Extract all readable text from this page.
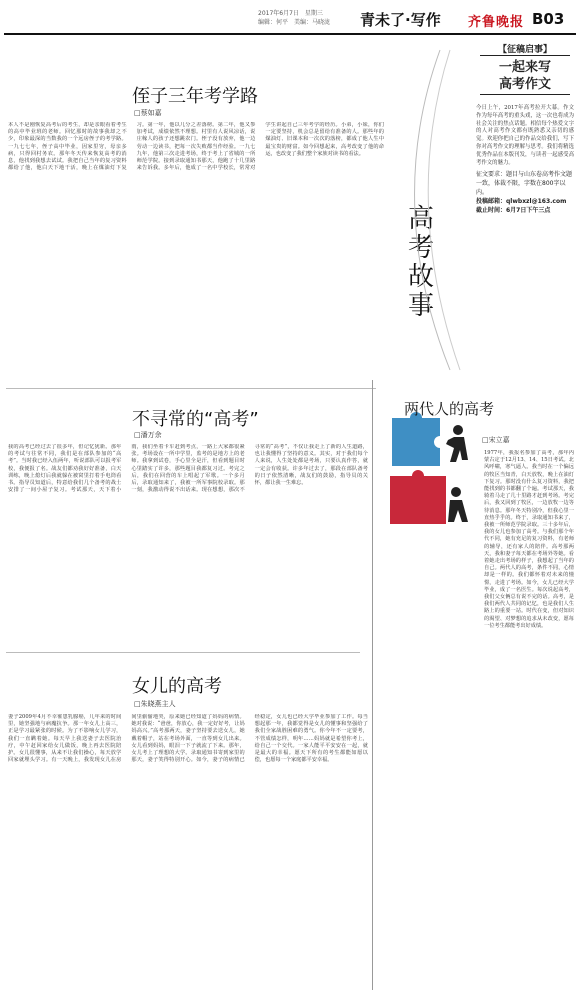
2017年6月7日　星期三
编辑：何平　美编：马晓泷 青未了·写作 齐鲁晚报 B03
侄子三年考学路
□蔡如嘉
本人不是刚恢复高考后的考生，却是亲眼看着考生的高中毕业班的老师。回忆那时的故事我却之不少，印象最深的当数我的一个远房侄子的考学路。一九七七年，侄子高中毕业，因家里穷，母亲多病，只得回村务农。那年冬天传来恢复高考的消息，他找到我想去试试。我把自己当年的复习资料都给了他，他白天下地干活，晚上在煤油灯下复习。第一年，他以几分之差落榜。第二年，他又参加考试，成绩依然不理想。村里有人说风凉话，说庄稼人的孩子还想跳农门。侄子没有放弃，他一边劳动一边读书，把每一次失败都当作经验。一九七九年，他第三次走进考场，终于考上了省城的一所师范学院。接到录取通知书那天，他跑了十几里路来告诉我。多年后，他成了一名中学校长，常常对学生讲起自己三年考学的经历。小弟，小妹，你们一定要坚持，机会总是留给有准备的人。那些年的煤油灯、旧课本和一次次的落榜，都成了他人生中最宝贵的财富。如今回想起来，高考改变了他的命运，也改变了我们整个家族对读书的看法。
高
考
故
事
【征稿启事】
一起来写
高考作文
今日上午，2017年高考拉开大幕。作文作为每年高考的重头戏，这一次也将成为社会关注的焦点话题。相信每个热爱文字的人对高考作文都有既熟悉又亲切的感觉。欢迎你把自己的作品交给我们，写下你对高考作文的理解与思考。我们将精选优秀作品在本版刊发，与读者一起感受高考作文的魅力。
征文要求：题目与山东卷高考作文题一致，体裁不限，字数在800字以内。
投稿邮箱：qlwbxzl@163.com
截止时间：6月7日下午三点
不寻常的“高考”
□潘万余
我的高考已经过去了很多年，但记忆犹新。那年的考试与往常不同，我们是在部队参加的“高考”。当时我已经入伍两年，听说部队可以报考军校，我便报了名。战友们都劝我好好准备，白天训练，晚上熄灯后我就躲在被窝里打着手电筒看书。指导员知道后，特意给我们几个备考的战士安排了一间小屋子复习。考试那天，天下着小雨，我们坐着卡车赶到考点，一路上大家都很紧张。考场设在一所中学里，监考的是地方上的老师。我拿到试卷，手心里全是汗，但看到题目时心里踏实了许多，那些题目我都复习过。考完之后，我们在回营的车上唱起了军歌。一个多月后，录取通知来了，我被一所军事院校录取。那一刻，我激动得说不出话来。现在想想，那次不寻常的“高考”，不仅让我走上了新的人生道路，也让我懂得了坚持的意义。其实，对于我们每个人来说，人生处处都是考场，只要认真作答，就一定会有收获。许多年过去了，那段在部队备考的日子依然清晰，战友们的鼓励，指导员的关怀，都让我一生难忘。
两代人的高考
□宋立嘉
1977年，我报名参加了高考，那年内蒙古定于12月13、14、15日考试。北风呼啸，寒气逼人。我当时在一个偏远的牧区当知青，白天放牧，晚上在油灯下复习。那时没有什么复习资料，我把能找到的书都翻了个遍。考试那天，我骑着马走了几十里路才赶到考场。考完后，我又回到了牧区，一边放牧一边等待消息。那年冬天特别冷，但我心里一直热乎乎的。终于，录取通知书来了，我被一所师范学院录取。三十多年后，我的女儿也参加了高考。与我们那个年代不同，她有充足的复习资料，有老师的辅导，还有家人的陪伴。高考那两天，我和妻子每天都在考场外等她。看着她走出考场的样子，我想起了当年的自己。两代人的高考，条件不同，心情却是一样的。我们都怀着对未来的憧憬，走进了考场。如今，女儿已经大学毕业，成了一名医生。每次说起高考，我们父女俩总有说不完的话。高考，是我们两代人共同的记忆，也是我们人生路上的重要一站。时代在变，但对知识的渴望、对梦想的追求从未改变，愿每一位考生都能考出好成绩。
女儿的高考
□朱晓燕主人
妻子2009年4月不幸罹患乳腺癌，几年来的时间里，她坚强地与病魔抗争。那一年女儿上高三，正是学习最紧张的时候。为了不影响女儿学习，我们一直瞒着她。每天早上我送妻子去医院治疗，中午赶回家给女儿做饭，晚上再去医院陪护。女儿很懂事，从来不让我们操心，每天放学回家就埋头学习。有一天晚上，我发现女儿在房间里偷偷地哭，原来她已经知道了妈妈的病情。她对我说：“爸爸，你放心，我一定好好考，让妈妈高兴。”高考那两天，妻子坚持要去送女儿，她戴着帽子，站在考场外面，一直等到女儿出来。女儿看到妈妈，眼泪一下子就流了下来。那年，女儿考上了理想的大学。录取通知书寄到家里的那天，妻子笑得特别开心。如今，妻子的病情已经稳定，女儿也已经大学毕业参加了工作。每当想起那一年，我都觉得是女儿的懂事和坚强给了我们全家战胜困难的勇气。你今年不一定要考，不管成绩怎样，明年……妈妈就是希望你考上，给自己一个交代。一家人能平平安安在一起，就是最大的幸福。愿天下所有的考生都能如愿以偿，也愿每一个家庭都平安幸福。
